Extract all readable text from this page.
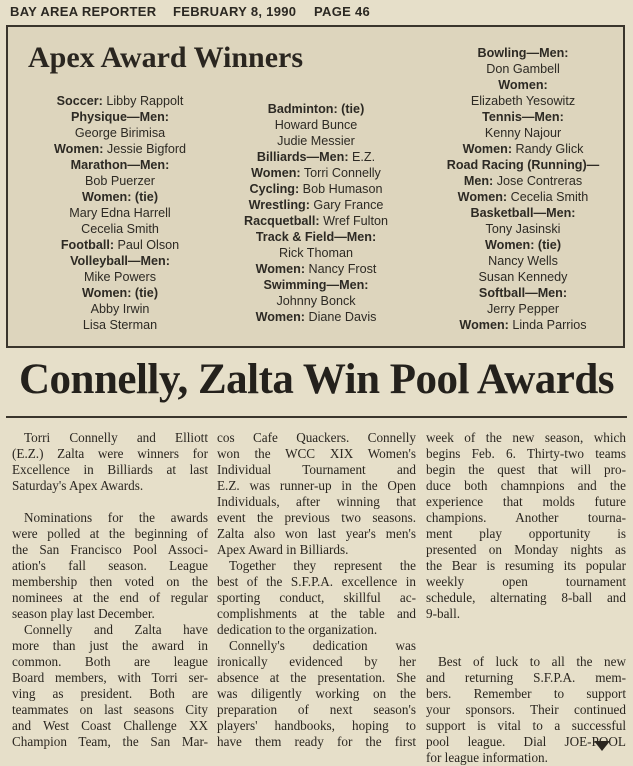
BAY AREA REPORTER FEBRUARY 8, 1990 PAGE 46
Apex Award Winners
Soccer: Libby Rappolt
Physique—Men:
George Birimisa
Women: Jessie Bigford
Marathon—Men:
Bob Puerzer
Women: (tie)
Mary Edna Harrell
Cecelia Smith
Football: Paul Olson
Volleyball—Men:
Mike Powers
Women: (tie)
Abby Irwin
Lisa Sterman
Badminton: (tie)
Howard Bunce
Judie Messier
Billiards—Men: E.Z.
Women: Torri Connelly
Cycling: Bob Humason
Wrestling: Gary France
Racquetball: Wref Fulton
Track & Field—Men:
Rick Thoman
Women: Nancy Frost
Swimming—Men:
Johnny Bonck
Women: Diane Davis
Bowling—Men:
Don Gambell
Women:
Elizabeth Yesowitz
Tennis—Men:
Kenny Najour
Women: Randy Glick
Road Racing (Running)—
Men: Jose Contreras
Women: Cecelia Smith
Basketball—Men:
Tony Jasinski
Women: (tie)
Nancy Wells
Susan Kennedy
Softball—Men:
Jerry Pepper
Women: Linda Parrios
Connelly, Zalta Win Pool Awards
Torri Connelly and Elliott
(E.Z.) Zalta were winners for
Excellence in Billiards at last
Saturday's Apex Awards.
Nominations for the awards
were polled at the beginning of
the San Francisco Pool Associ-
ation's fall season. League
membership then voted on the
nominees at the end of regular
season play last December.
Connelly and Zalta have
more than just the award in
common. Both are league
Board members, with Torri ser-
ving as president. Both are
teammates on last seasons City
and West Coast Challenge XX
Champion Team, the San Mar-
cos Cafe Quackers. Connelly
won the WCC XIX Women's
Individual Tournament and
E.Z. was runner-up in the Open
Individuals, after winning that
event the previous two seasons.
Zalta also won last year's men's
Apex Award in Billiards.
Together they represent the
best of the S.F.P.A. excellence in
sporting conduct, skillful ac-
complishments at the table and
dedication to the organization.
Connelly's dedication was
ironically evidenced by her
absence at the presentation. She
was diligently working on the
preparation of next season's
players' handbooks, hoping to
have them ready for the first
week of the new season, which
begins Feb. 6. Thirty-two teams
begin the quest that will pro-
duce both chamnpions and the
experience that molds future
champions. Another tourna-
ment play opportunity is
presented on Monday nights as
the Bear is resuming its popular
weekly open tournament
schedule, alternating 8-ball and
9-ball.
Best of luck to all the new
and returning S.F.P.A. mem-
bers. Remember to support
your sponsors. Their continued
support is vital to a successful
pool league. Dial JOE-POOL
for league information.
